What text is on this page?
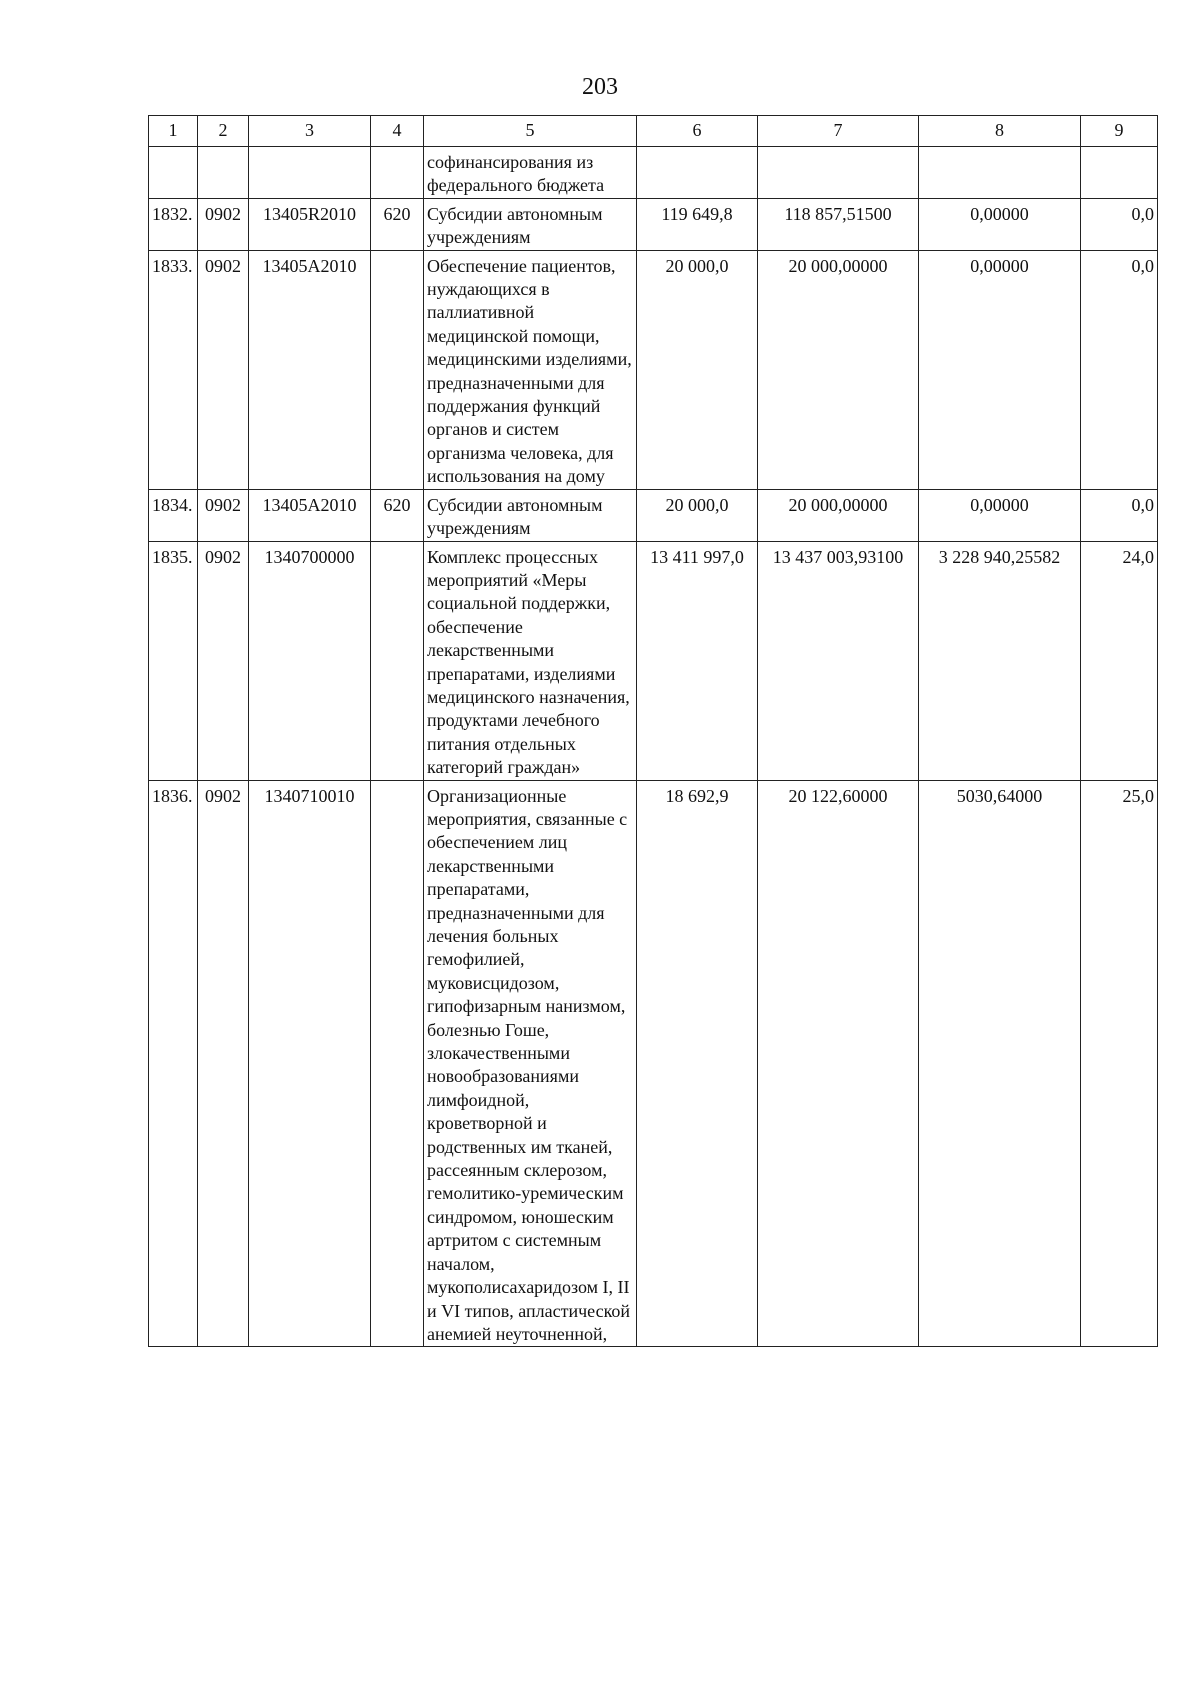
203
1	2	3	4	5	6	7	8	9
				софинансирования из федерального бюджета				
1832.	0902	13405R2010	620	Субсидии автономным учреждениям	119 649,8	118 857,51500	0,00000	0,0
1833.	0902	13405A2010		Обеспечение пациентов, нуждающихся в паллиативной медицинской помощи, медицинскими изделиями, предназначенными для поддержания функций органов и систем организма человека, для использования на дому	20 000,0	20 000,00000	0,00000	0,0
1834.	0902	13405A2010	620	Субсидии автономным учреждениям	20 000,0	20 000,00000	0,00000	0,0
1835.	0902	1340700000		Комплекс процессных мероприятий «Меры социальной поддержки, обеспечение лекарственными препаратами, изделиями медицинского назначения, продуктами лечебного питания отдельных категорий граждан»	13 411 997,0	13 437 003,93100	3 228 940,25582	24,0
1836.	0902	1340710010		Организационные мероприятия, связанные с обеспечением лиц лекарственными препаратами, предназначенными для лечения больных гемофилией, муковисцидозом, гипофизарным нанизмом, болезнью Гоше, злокачественными новообразованиями лимфоидной, кроветворной и родственных им тканей, рассеянным склерозом, гемолитико-уремическим синдромом, юношеским артритом с системным началом, мукополисахаридозом I, II и VI типов, апластической анемией неуточненной,	18 692,9	20 122,60000	5030,64000	25,0
